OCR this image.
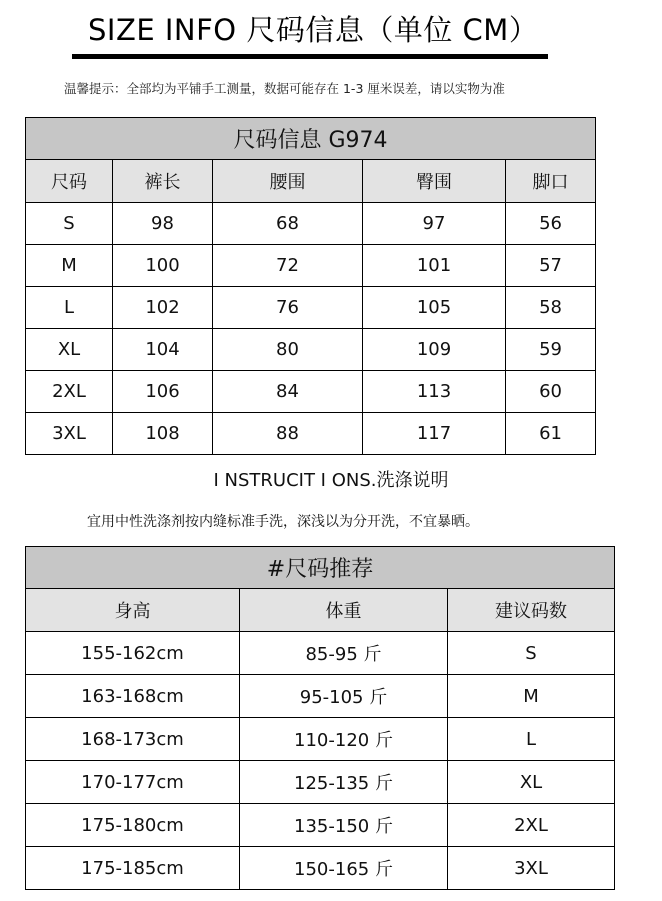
SIZE INFO 尺码信息（单位 CM）
温馨提示：全部均为平铺手工测量，数据可能存在 1-3 厘米误差，请以实物为准
尺码信息 G974				
尺码	裤长	腰围	臀围	脚口
S	98	68	97	56
M	100	72	101	57
L	102	76	105	58
XL	104	80	109	59
2XL	106	84	113	60
3XL	108	88	117	61
I NSTRUCIT I ONS.洗涤说明
宜用中性洗涤剂按内缝标准手洗，深浅以为分开洗，不宜暴晒。
#尺码推荐		
身高	体重	建议码数
155-162cm	85-95 斤	S
163-168cm	95-105 斤	M
168-173cm	110-120 斤	L
170-177cm	125-135 斤	XL
175-180cm	135-150 斤	2XL
175-185cm	150-165 斤	3XL
